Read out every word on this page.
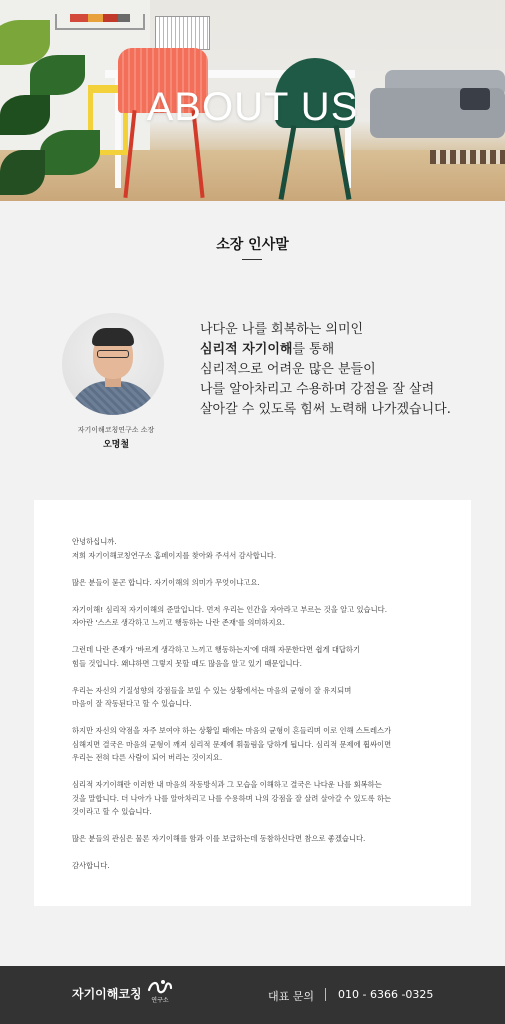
ABOUT US
소장 인사말
자기이해코칭연구소 소장
오명철
나다운 나를 회복하는 의미인
심리적 자기이해를 통해
심리적으로 어려운 많은 분들이
나를 알아차리고 수용하며 강점을 잘 살려
살아갈 수 있도록 힘써 노력해 나가겠습니다.

안녕하십니까.
저희 자기이해코칭연구소 홈페이지를 찾아와 주셔서 감사합니다.

많은 분들이 묻곤 합니다. 자기이해의 의미가 무엇이냐고요.

자기이해! 심리적 자기이해의 준말입니다. 먼저 우리는 인간을 자아라고 부르는 것을 알고 있습니다.
자아란 '스스로 생각하고 느끼고 행동하는 나란 존재'를 의미하지요.

그런데 나란 존재가 '바르게 생각하고 느끼고 행동하는지'에 대해 자문한다면 쉽게 대답하기
힘들 것입니다. 왜냐하면 그렇지 못할 때도 많음을 알고 있기 때문입니다.

우리는 자신의 기질성향의 강점들을 보일 수 있는 상황에서는 마음의 균형이 잘 유지되며
마음이 잘 작동된다고 할 수 있습니다.

하지만 자신의 약점을 자주 보여야 하는 상황일 때에는 마음의 균형이 흔들리며 이로 인해 스트레스가
심해지면 결국은 마음의 균형이 깨져 심리적 문제에 휘둘림을 당하게 됩니다. 심리적 문제에 휩싸이면
우리는 전혀 다른 사람이 되어 버리는 것이지요.

심리적 자기이해란 이러한 내 마음의 작동방식과 그 모습을 이해하고 결국은 나다운 나를 회복하는
것을 말합니다. 더 나아가 나를 알아차리고 나를 수용하며 나의 강점을 잘 살려 살아갈 수 있도록 하는
것이라고 할 수 있습니다.

많은 분들의 관심은 물론 자기이해를 함과 이를 보급하는데 동참하신다면 참으로 좋겠습니다.

감사합니다.

자기이해코칭 연구소	대표 문의 010 - 6366 -0325
